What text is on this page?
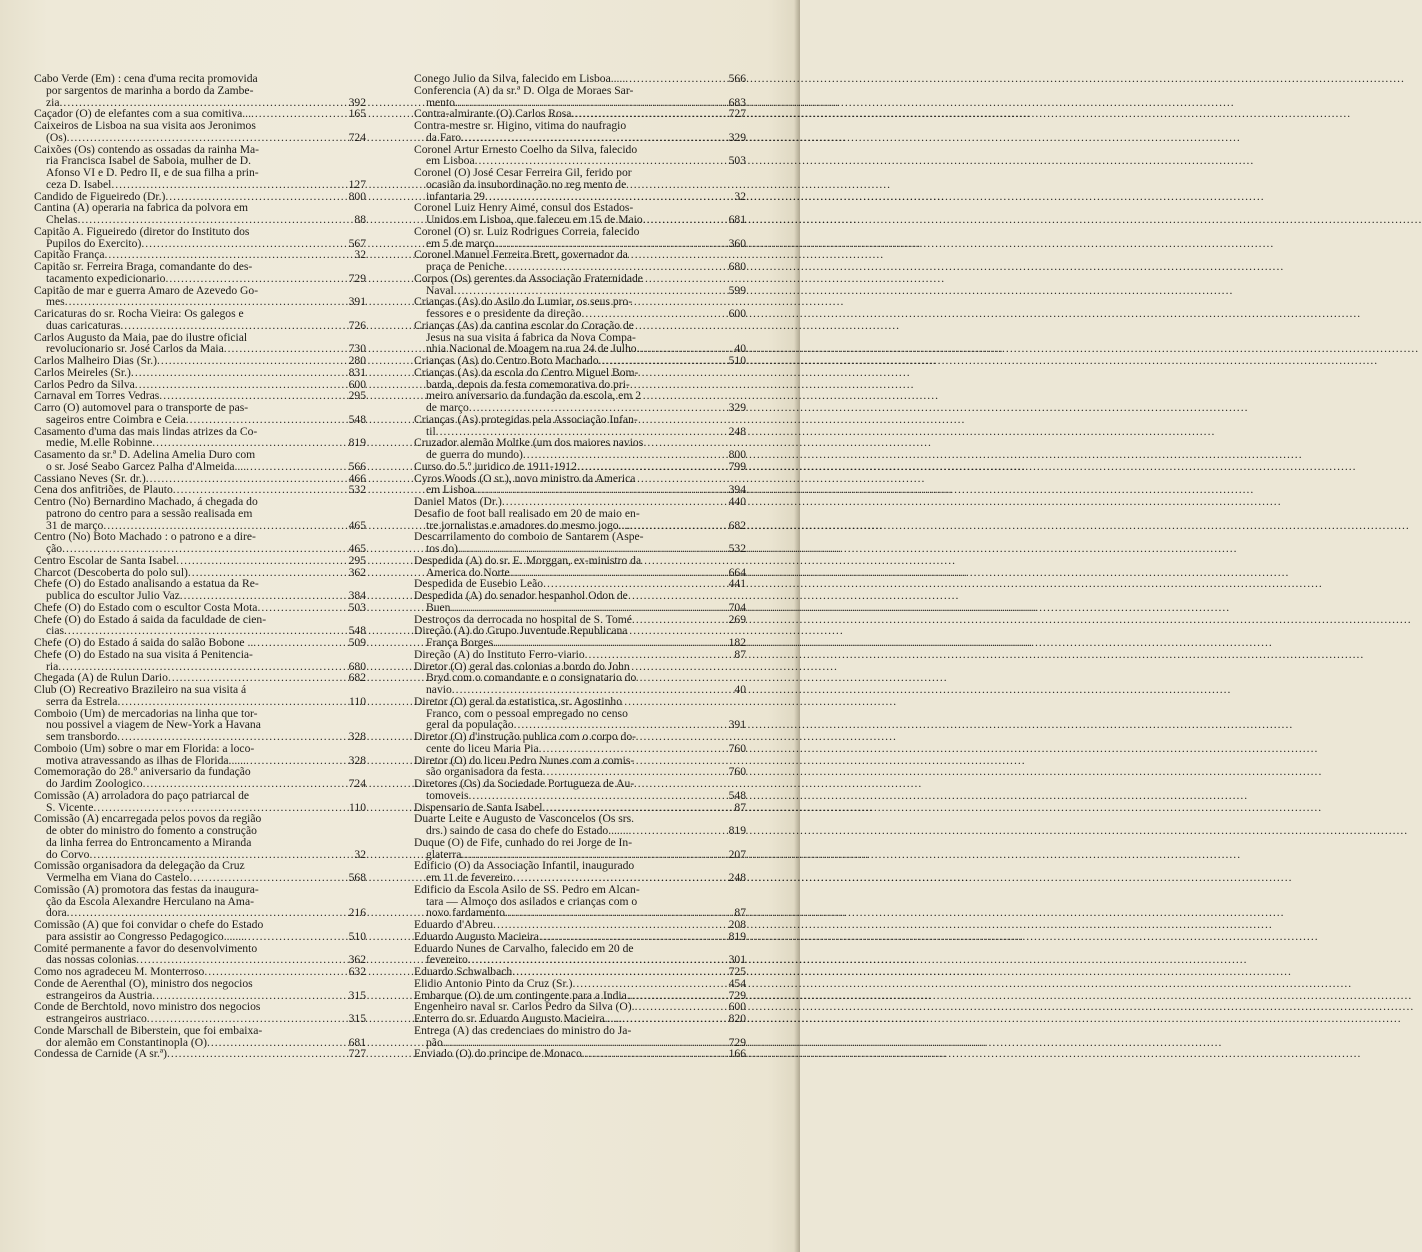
Cabo Verde (Em) : cena d'uma recita promovida
por sargentos de marinha a bordo da Zambe-
zia .....	392
Caçador (O) de elefantes com a sua comitiva... .....	165
Caixeiros de Lisboa na sua visita aos Jeronimos
(Os) .....	724
Caixões (Os) contendo as ossadas da rainha Ma-
ria Francisca Isabel de Saboia, mulher de D.
Afonso VI e D. Pedro II, e de sua filha a prin-
ceza D. Isabel .....	127
Candido de Figueiredo (Dr.) .....	800
Cantina (A) operaria na fabrica da polvora em
Chelas .....	88
Capitão A. Figueiredo (diretor do Instituto dos
Pupilos do Exercito) .....	567
Capitão França .....	32
Capitão sr. Ferreira Braga, comandante do des-
tacamento expedicionario .....	729
Capitão de mar e guerra Amaro de Azevedo Go-
mes .....	391
Caricaturas do sr. Rocha Vieira: Os galegos e
duas caricaturas .....	726
Carlos Augusto da Maia, pae do ilustre oficial
revolucionario sr. José Carlos da Maia .....	730
Carlos Malheiro Dias (Sr.) .....	280
Carlos Meireles (Sr.) .....	831
Carlos Pedro da Silva .....	600
Carnaval em Torres Vedras .....	295
Carro (O) automovel para o transporte de pas-
sageiros entre Coimbra e Ceia .....	548
Casamento d'uma das mais lindas atrizes da Co-
medie, M.elle Robinne .....	819
Casamento da sr.ª D. Adelina Amelia Duro com
o sr. José Seabo Garcez Palha d'Almeida.... .....	566
Cassiano Neves (Sr. dr.) .....	466
Cena dos anfitriões, de Plauto .....	532
Centro (No) Bernardino Machado, á chegada do
patrono do centro para a sessão realisada em
31 de março .....	465
Centro (No) Boto Machado : o patrono e a dire-
ção .....	465
Centro Escolar de Santa Isabel .....	295
Charcot (Descoberta do polo sul) .....	362
Chefe (O) do Estado analisando a estatua da Re-
publica do escultor Julio Vaz .....	384
Chefe (O) do Estado com o escultor Costa Mota .....	503
Chefe (O) do Estado á saida da faculdade de cien-
cias .....	548
Chefe (O) do Estado á saida do salão Bobone .. .....	509
Chefe (O) do Estado na sua visita á Penitencia-
ria .....	680
Chegada (A) de Rulun Dario .....	682
Club (O) Recreativo Brazileiro na sua visita á
serra da Estrela .....	110
Comboio (Um) de mercadorias na linha que tor-
nou possivel a viagem de New-York a Havana
sem transbordo .....	328
Comboio (Um) sobre o mar em Florida: a loco-
motiva atravessando as ilhas de Florida...... .....	328
Comemoração do 28.º aniversario da fundação
do Jardim Zoologico .....	724
Comissão (A) arroladora do paço patriarcal de
S. Vicente .....	110
Comissão (A) encarregada pelos povos da região
de obter do ministro do fomento a construção
da linha ferrea do Entroncamento a Miranda
do Corvo .....	32
Comissão organisadora da delegação da Cruz
Vermelha em Viana do Castelo .....	568
Comissão (A) promotora das festas da inaugura-
ção da Escola Alexandre Herculano na Ama-
dora .....	216
Comissão (A) que foi convidar o chefe do Estado
para assistir ao Congresso Pedagogico....... .....	510
Comité permanente a favor do desenvolvimento
das nossas colonias .....	362
Como nos agradeceu M. Monterroso .....	632
Conde de Aerenthal (O), ministro dos negocios
estrangeiros da Austria .....	315
Conde de Berchtold, novo ministro dos negocios
estrangeiros austriaco .....	315
Conde Marschall de Biberstein, que foi embaixa-
dor alemão em Constantinopla (O) .....	681
Condessa de Carnide (A sr.ª) .....	727
Conego Julio da Silva, falecido em Lisboa..... .....	566
Conferencia (A) da sr.ª D. Olga de Moraes Sar-
mento .....	683
Contra-almirante (O) Carlos Rosa .....	727
Contra-mestre sr. Higino, vitima do naufragio
da Faro .....	329
Coronel Artur Ernesto Coelho da Silva, falecido
em Lisboa .....	503
Coronel (O) José Cesar Ferreira Gil, ferido por
ocasião da insubordinação no reg mento de
infantaria 29 .....	32
Coronel Luiz Henry Aimé, consul dos Estados-
Unidos em Lisboa, que faleceu em 15 de Maio .....	681
Coronel (O) sr. Luiz Rodrigues Correia, falecido
em 5 de março .....	360
Coronel Manuel Ferreira Brett, governador da
praça de Peniche .....	680
Corpos (Os) gerentes da Associação Fraternidade
Naval .....	599
Crianças (As) do Asilo do Lumiar, os seus pro-
fessores e o presidente da direção .....	600
Crianças (As) da cantina escolar do Coração de
Jesus na sua visita á fabrica da Nova Compa-
nhia Nacional de Moagem na rua 24 de Julho. .....	40
Crianças (As) do Centro Boto Machado .....	510
Crianças (As) da escola do Centro Miguel Bom-
barda, depois da festa comemorativa do pri-
meiro aniversario da fundação da escola, em 2
de março .....	329
Crianças (As) protegidas pela Associação Infan-
til .....	248
Cruzador alemão Moltke (um dos maiores navios
de guerra do mundo) .....	800
Curso do 5.º juridico de 1911-1912 .....	799
Cyros Woods (O sr.), novo ministro da America
em Lisboa .....	394
Daniel Matos (Dr.) .....	440
Desafio de foot ball realisado em 20 de maio en-
tre jornalistas e amadores do mesmo jogo.... .....	682
Descarrilamento do comboio de Santarem (Aspe-
tos do) .....	532
Despedida (A) do sr. E. Morggan, ex-ministro da
America do Norte .....	664
Despedida de Eusebio Leão .....	441
Despedida (A) do senador hespanhol Odon de
Buen .....	704
Destroços da derrocada no hospital de S. Tomé .....	269
Direção (A) do Grupo Juventude Republicana
França Borges .....	182
Direção (A) do Instituto Ferro-viario .....	87
Diretor (O) geral das colonias a bordo do John
Bryd com o comandante e o consignatario do
navio .....	40
Diretor (O) geral da estatistica, sr. Agostinho
Franco, com o pessoal empregado no censo
geral da população .....	391
Diretor (O) d'instrução publica com o corpo do-
cente do liceu Maria Pia .....	760
Diretor (O) do liceu Pedro Nunes com a comis-
são organisadora da festa .....	760
Diretores (Os) da Sociedade Portugueza de Au-
tomoveis .....	548
Dispensario de Santa Isabel .....	87
Duarte Leite e Augusto de Vasconcelos (Os srs.
drs.) saindo de casa do chefe do Estado....... .....	819
Duque (O) de Fife, cunhado do rei Jorge de In-
glaterra .....	207
Edificio (O) da Associação Infantil, inaugurado
em 11 de fevereiro .....	248
Edificio da Escola Asilo de SS. Pedro em Alcan-
tara — Almoço dos asilados e crianças com o
novo fardamento .....	87
Eduardo d'Abreu .....	208
Eduardo Augusto Macieira .....	819
Eduardo Nunes de Carvalho, falecido em 20 de
fevereiro .....	301
Eduardo Schwalbach .....	725
Elidio Antonio Pinto da Cruz (Sr.) .....	454
Embarque (O) de um contingente para a India.. .....	729
Engenheiro naval sr. Carlos Pedro da Silva (O). .....	600
Enterro do sr. Eduardo Augusto Macieira...... .....	820
Entrega (A) das credenciaes do ministro do Ja-
pão .....	729
Enviado (O) do principe de Monaco .....	166
